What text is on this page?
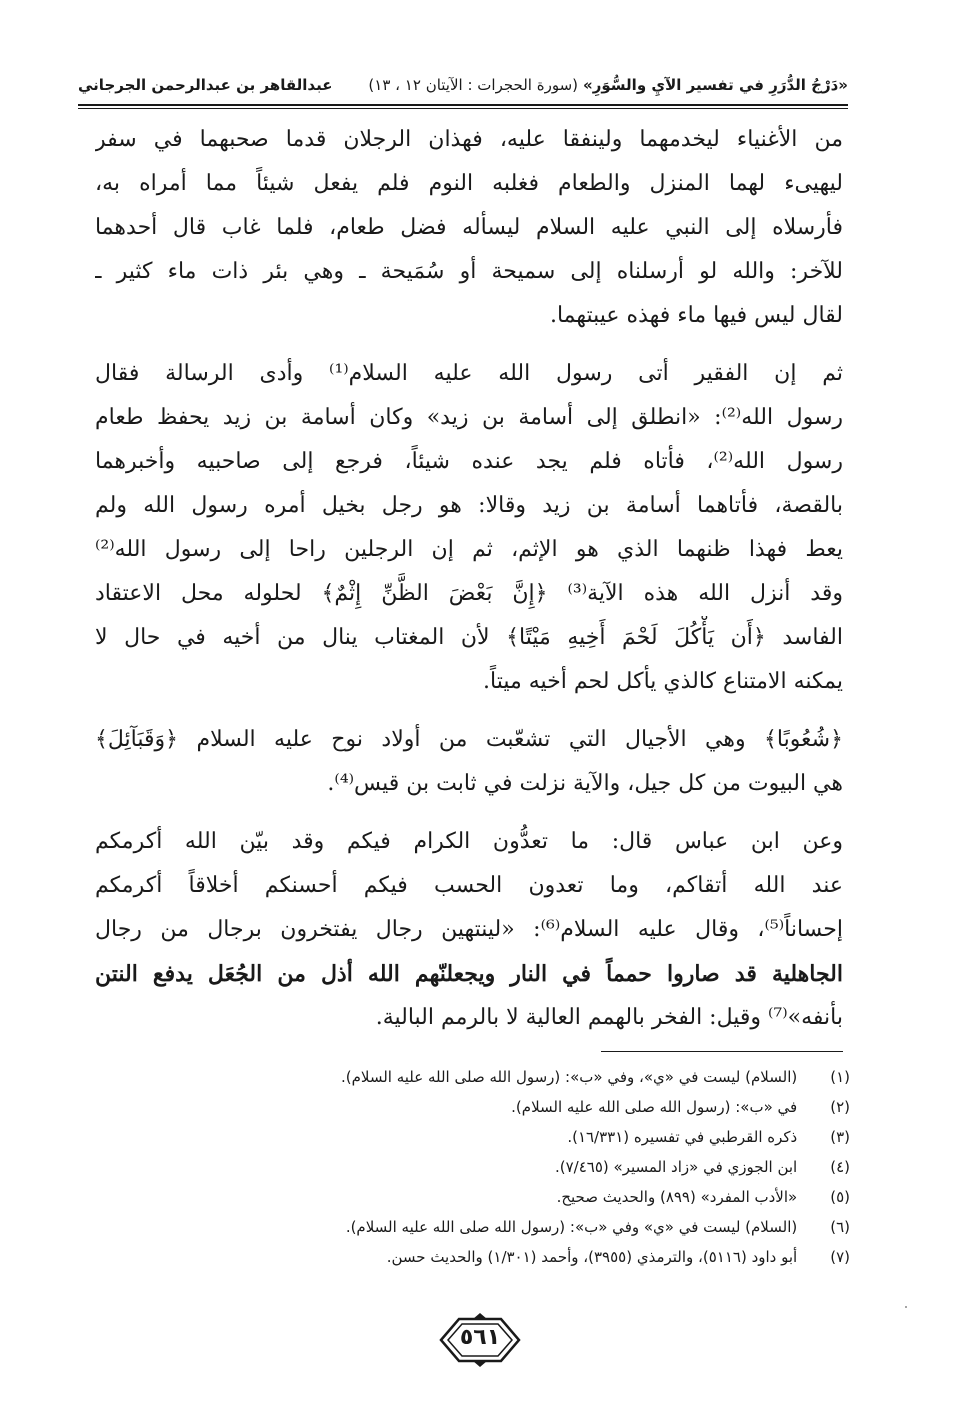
«دَرْجُ الدُّرَرِ في تفسير الآيِ والسُّوَرِ»
(سورة الحجرات : الآيتان ١٢ ، ١٣)
عبدالقاهر بن عبدالرحمن الجرجاني
من الأغنياء ليخدمهما ولينفقا عليه، فهذان الرجلان قدما صحبهما في سفر
ليهيىء لهما المنزل والطعام فغلبه النوم فلم يفعل شيئاً مما أمراه به،
فأرسلاه إلى النبي عليه السلام ليسأله فضل طعام، فلما غاب قال أحدهما
للآخر: والله لو أرسلناه إلى سميحة أو سُمَيحة ـ وهي بئر ذات ماء كثير ـ
لقال ليس فيها ماء فهذه عيبتهما.
ثم إن الفقير أتى رسول الله عليه السلام⁽¹⁾ وأدى الرسالة فقال
رسول الله⁽²⁾: «انطلق إلى أسامة بن زيد» وكان أسامة بن زيد يحفظ طعام
رسول الله⁽²⁾، فأتاه فلم يجد عنده شيئاً، فرجع إلى صاحبيه وأخبرهما
بالقصة، فأتاهما أسامة بن زيد وقالا: هو رجل بخيل أمره رسول الله ولم
يعط فهذا ظنهما الذي هو الإثم، ثم إن الرجلين راحا إلى رسول الله⁽²⁾
وقد أنزل الله هذه الآية⁽³⁾ ﴿إِنَّ بَعْضَ الظَّنِّ إِثْمٌ﴾ لحلوله محل الاعتقاد
الفاسد ﴿أَن يَأْكُلَ لَحْمَ أَخِيهِ مَيْتًا﴾ لأن المغتاب ينال من أخيه في حال لا
يمكنه الامتناع كالذي يأكل لحم أخيه ميتاً.
﴿شُعُوبًا﴾ وهي الأجيال التي تشعّبت من أولاد نوح عليه السلام ﴿وَقَبَآئِلَ﴾
هي البيوت من كل جيل، والآية نزلت في ثابت بن قيس⁽⁴⁾.
وعن ابن عباس قال: ما تعدُّون الكرام فيكم وقد بيّن الله أكرمكم
عند الله أتقاكم، وما تعدون الحسب فيكم أحسنكم أخلاقاً أكرمكم
إحساناً⁽⁵⁾، وقال عليه السلام⁽⁶⁾: «لينتهين رجال يفتخرون برجال من رجال
الجاهلية قد صاروا حمماً في النار ويجعلنّهم الله أذل من الجُعَل يدفع النتن
بأنفه»⁽⁷⁾ وقيل: الفخر بالهمم العالية لا بالرمم البالية.
(١) (السلام) ليست في «ي»، وفي «ب»: (رسول الله صلى الله عليه السلام).
(٢) في «ب»: (رسول الله صلى الله عليه السلام).
(٣) ذكره القرطبي في تفسيره (١٦/٣٣١).
(٤) ابن الجوزي في «زاد المسير» (٧/٤٦٥).
(٥) «الأدب المفرد» (٨٩٩) والحديث صحيح.
(٦) (السلام) ليست في «ي» وفي «ب»: (رسول الله صلى الله عليه السلام).
(٧) أبو داود (٥١١٦)، والترمذي (٣٩٥٥)، وأحمد (١/٣٠١) والحديث حسن.
٥٦١
